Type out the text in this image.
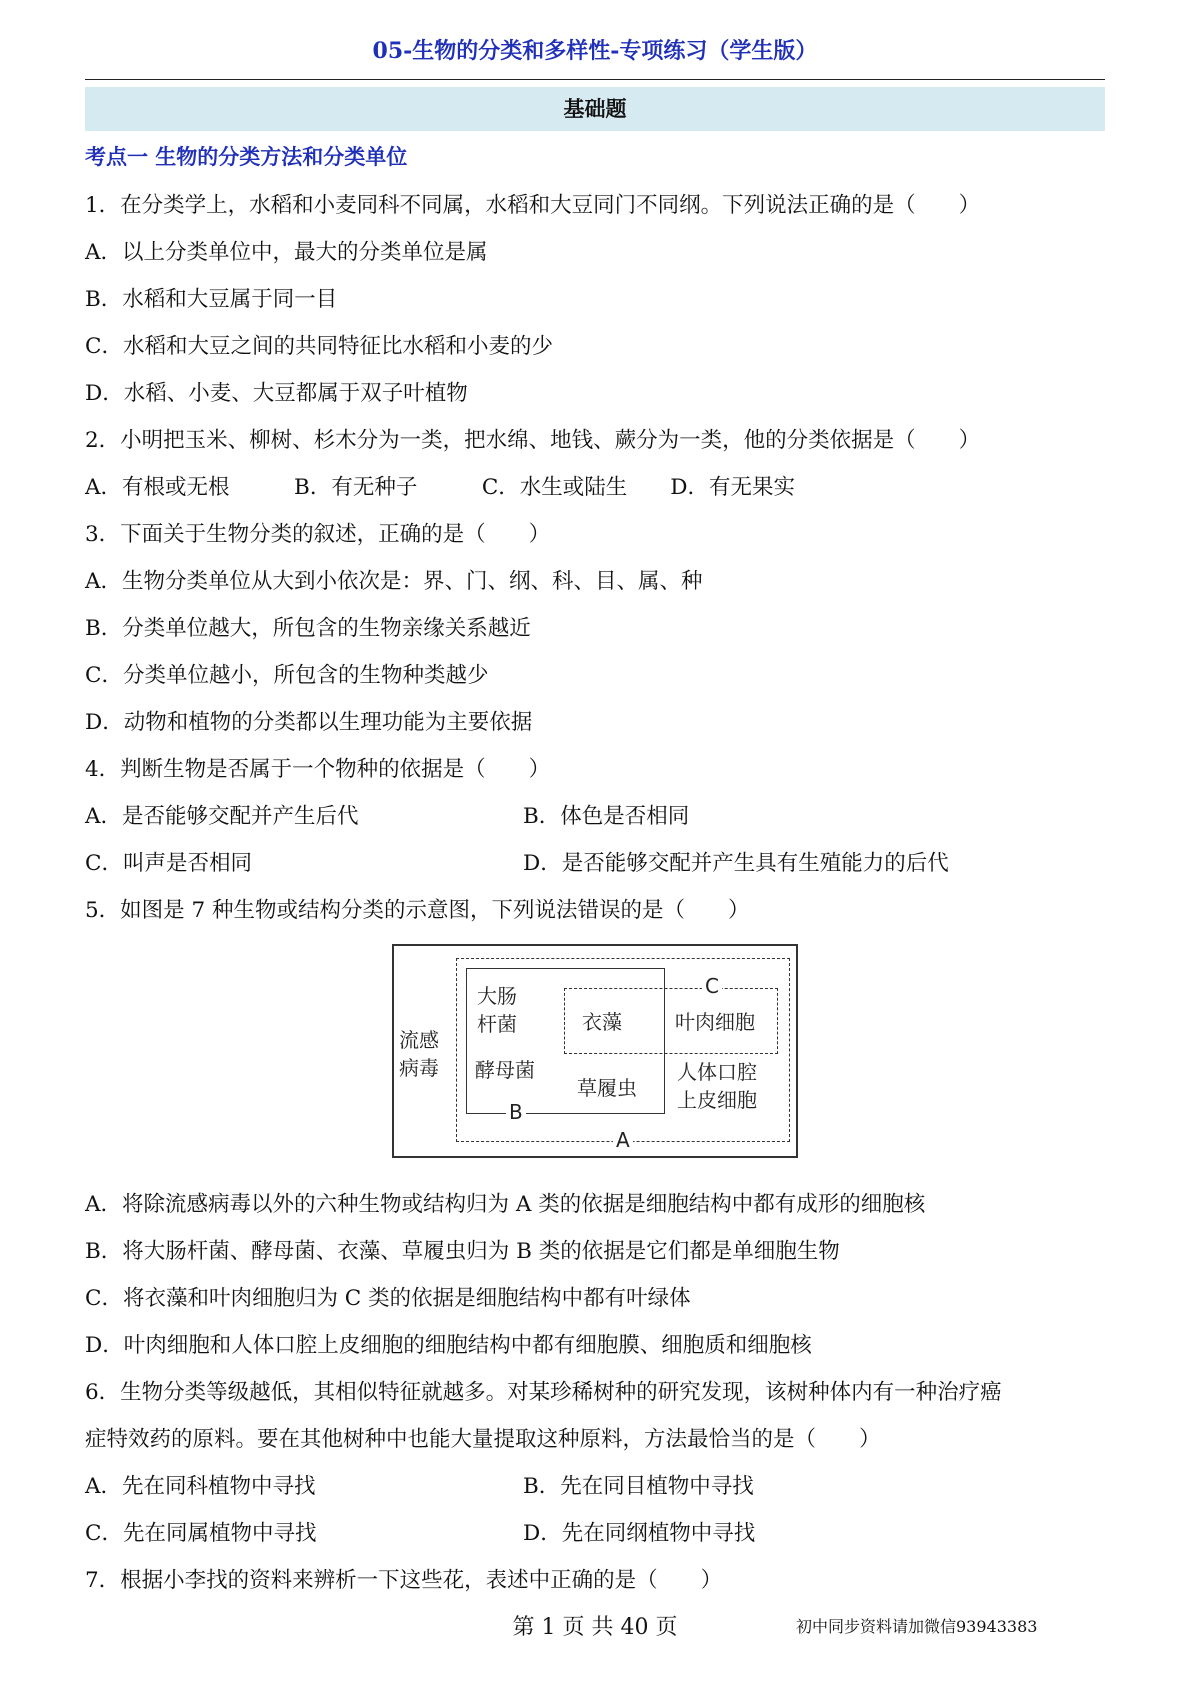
05-生物的分类和多样性-专项练习（学生版）
基础题
考点一 生物的分类方法和分类单位
1．在分类学上，水稻和小麦同科不同属，水稻和大豆同门不同纲。下列说法正确的是（　　）
A．以上分类单位中，最大的分类单位是属
B．水稻和大豆属于同一目
C．水稻和大豆之间的共同特征比水稻和小麦的少
D．水稻、小麦、大豆都属于双子叶植物
2．小明把玉米、柳树、杉木分为一类，把水绵、地钱、蕨分为一类，他的分类依据是（　　）
A．有根或无根　　　B．有无种子　　　C．水生或陆生　　D．有无果实
3．下面关于生物分类的叙述，正确的是（　　）
A．生物分类单位从大到小依次是：界、门、纲、科、目、属、种
B．分类单位越大，所包含的生物亲缘关系越近
C．分类单位越小，所包含的生物种类越少
D．动物和植物的分类都以生理功能为主要依据
4．判断生物是否属于一个物种的依据是（　　）
A．是否能够交配并产生后代	B．体色是否相同
C．叫声是否相同	D．是否能够交配并产生具有生殖能力的后代
5．如图是 7 种生物或结构分类的示意图，下列说法错误的是（　　）
流感
病毒
大肠
杆菌
酵母菌
衣藻
草履虫
叶肉细胞
人体口腔
上皮细胞
C
B
A
A．将除流感病毒以外的六种生物或结构归为 A 类的依据是细胞结构中都有成形的细胞核
B．将大肠杆菌、酵母菌、衣藻、草履虫归为 B 类的依据是它们都是单细胞生物
C．将衣藻和叶肉细胞归为 C 类的依据是细胞结构中都有叶绿体
D．叶肉细胞和人体口腔上皮细胞的细胞结构中都有细胞膜、细胞质和细胞核
6．生物分类等级越低，其相似特征就越多。对某珍稀树种的研究发现，该树种体内有一种治疗癌
症特效药的原料。要在其他树种中也能大量提取这种原料，方法最恰当的是（　　）
A．先在同科植物中寻找	B．先在同目植物中寻找
C．先在同属植物中寻找	D．先在同纲植物中寻找
7．根据小李找的资料来辨析一下这些花，表述中正确的是（　　）
第 1 页 共 40 页	初中同步资料请加微信93943383
